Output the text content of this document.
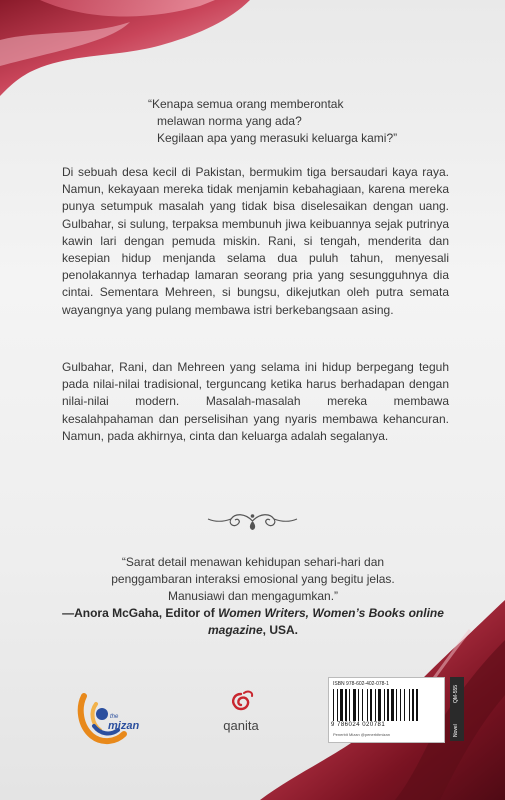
“Kenapa semua orang memberontak
melawan norma yang ada?
Kegilaan apa yang merasuki keluarga kami?”

Di sebuah desa kecil di Pakistan, bermukim tiga bersaudari kaya raya. Namun, kekayaan mereka tidak menjamin kebahagiaan, karena mereka punya setumpuk masalah yang tidak bisa diselesaikan dengan uang. Gulbahar, si sulung, terpaksa membunuh jiwa keibuannya sejak putrinya kawin lari dengan pemuda miskin. Rani, si tengah, menderita dan kesepian hidup menjanda selama dua puluh tahun, menyesali penolakannya terhadap lamaran seorang pria yang sesungguhnya dia cintai. Sementara Mehreen, si bungsu, dikejutkan oleh putra semata wayangnya yang pulang membawa istri berkebangsaan asing.

Gulbahar, Rani, dan Mehreen yang selama ini hidup berpegang teguh pada nilai-nilai tradisional, terguncang ketika harus berhadapan dengan nilai-nilai modern. Masalah-masalah mereka membawa kesalahpahaman dan perselisihan yang nyaris membawa kehancuran. Namun, pada akhirnya, cinta dan keluarga adalah segalanya.

“Sarat detail menawan kehidupan sehari-hari dan
penggambaran interaksi emosional yang begitu jelas.
Manusiawi dan mengagumkan.”
—Anora McGaha, Editor of Women Writers, Women’s Books online magazine, USA.
the
mizan	qanita
ISBN 978-602-402-078-1
9 786024 020781
Penerbit Mizan @penerbitmizan
QM-555
Novel
